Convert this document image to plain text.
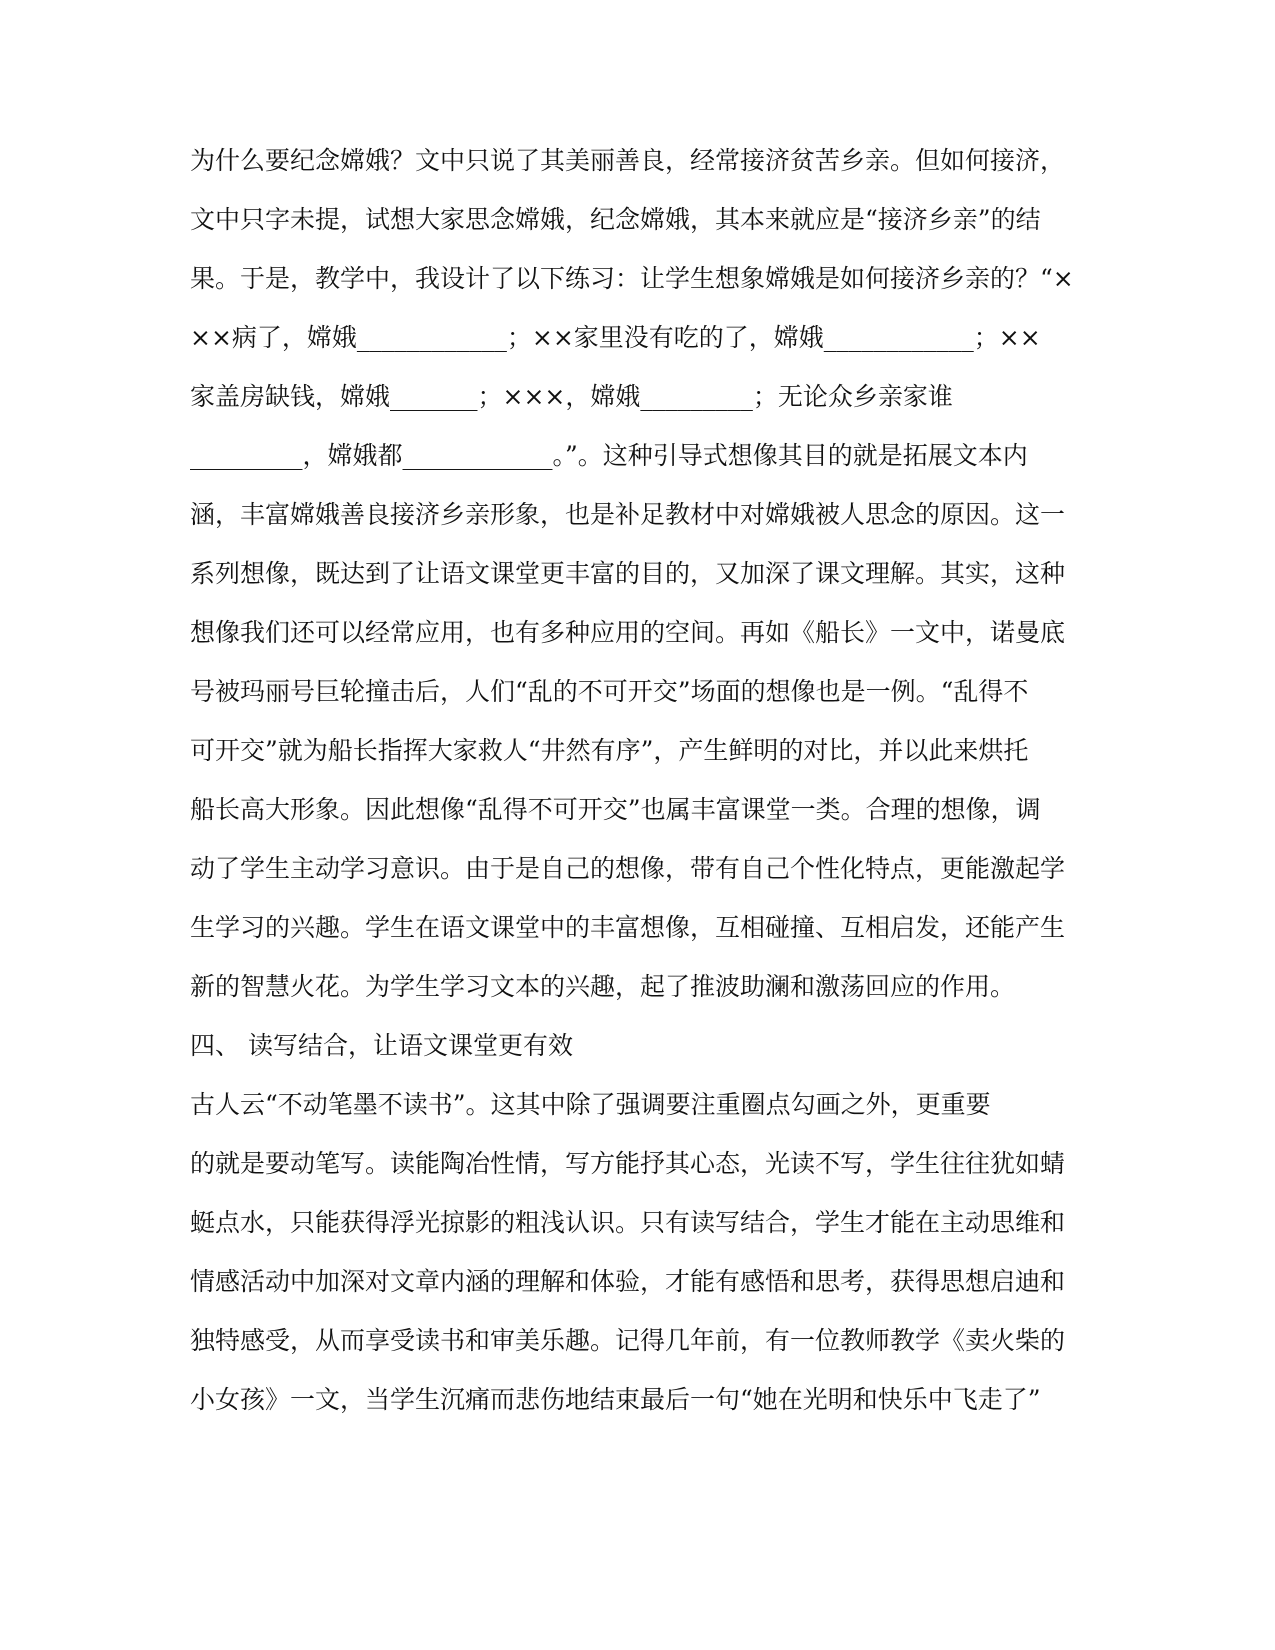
为什么要纪念嫦娥？文中只说了其美丽善良，经常接济贫苦乡亲。但如何接济，
文中只字未提，试想大家思念嫦娥，纪念嫦娥，其本来就应是“接济乡亲”的结
果。于是，教学中，我设计了以下练习：让学生想象嫦娥是如何接济乡亲的？“×
××病了，嫦娥____________；××家里没有吃的了，嫦娥____________；××
家盖房缺钱，嫦娥_______；×××，嫦娥_________；无论众乡亲家谁
_________，嫦娥都____________。”。这种引导式想像其目的就是拓展文本内
涵，丰富嫦娥善良接济乡亲形象，也是补足教材中对嫦娥被人思念的原因。这一
系列想像，既达到了让语文课堂更丰富的目的，又加深了课文理解。其实，这种
想像我们还可以经常应用，也有多种应用的空间。再如《船长》一文中，诺曼底
号被玛丽号巨轮撞击后，人们“乱的不可开交”场面的想像也是一例。“乱得不
可开交”就为船长指挥大家救人“井然有序”，产生鲜明的对比，并以此来烘托
船长高大形象。因此想像“乱得不可开交”也属丰富课堂一类。合理的想像，调
动了学生主动学习意识。由于是自己的想像，带有自己个性化特点，更能激起学
生学习的兴趣。学生在语文课堂中的丰富想像，互相碰撞、互相启发，还能产生
新的智慧火花。为学生学习文本的兴趣，起了推波助澜和激荡回应的作用。
四、 读写结合，让语文课堂更有效
古人云“不动笔墨不读书”。这其中除了强调要注重圈点勾画之外，更重要
的就是要动笔写。读能陶冶性情，写方能抒其心态，光读不写，学生往往犹如蜻
蜓点水，只能获得浮光掠影的粗浅认识。只有读写结合，学生才能在主动思维和
情感活动中加深对文章内涵的理解和体验，才能有感悟和思考，获得思想启迪和
独特感受，从而享受读书和审美乐趣。记得几年前，有一位教师教学《卖火柴的
小女孩》一文，当学生沉痛而悲伤地结束最后一句“她在光明和快乐中飞走了”
